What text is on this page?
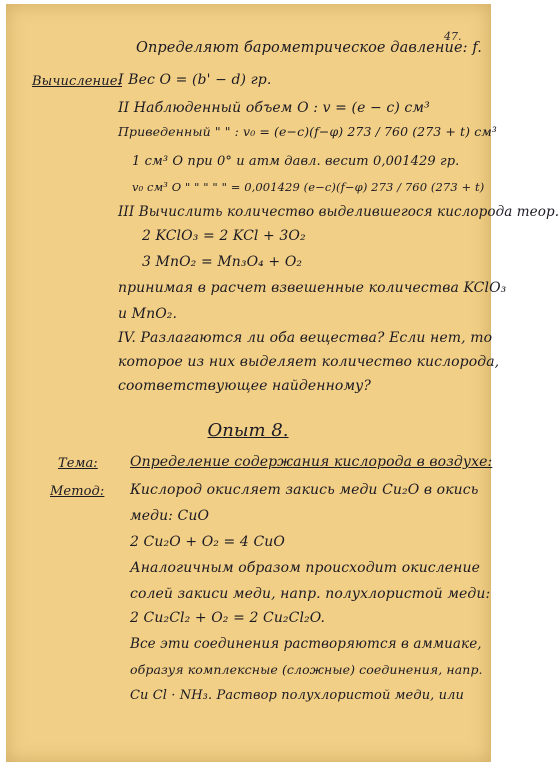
47.
Определяют барометрическое давление: f.
Вычисление:
I Вес O = (b' − d) гр.
II Наблюденный объем O : v = (e − c) см³
Приведенный " " : v₀ = (e−c)(f−φ) 273 / 760 (273 + t) см³
1 см³ O при 0° и атм давл. весит 0,001429 гр.
v₀ см³ O " " " " " = 0,001429 (e−c)(f−φ) 273 / 760 (273 + t)
III Вычислить количество выделившегося кислорода теор.
2 KClO₃ = 2 KCl + 3O₂
3 MnO₂ = Mn₃O₄ + O₂
принимая в расчет взвешенные количества KClO₃
и MnO₂.
IV. Разлагаются ли оба вещества? Если нет, то
которое из них выделяет количество кислорода,
соответствующее найденному?
Опыт 8.
Тема: Определение содержания кислорода в воздухе:
Метод: Кислород окисляет закись меди Cu₂O в окись
меди: CuO
2 Cu₂O + O₂ = 4 CuO
Аналогичным образом происходит окисление
солей закиси меди, напр. полухлористой меди:
2 Cu₂Cl₂ + O₂ = 2 Cu₂Cl₂O.
Все эти соединения растворяются в аммиаке,
образуя комплексные (сложные) соединения, напр.
Cu Cl · NH₃. Раствор полухлористой меди, или
